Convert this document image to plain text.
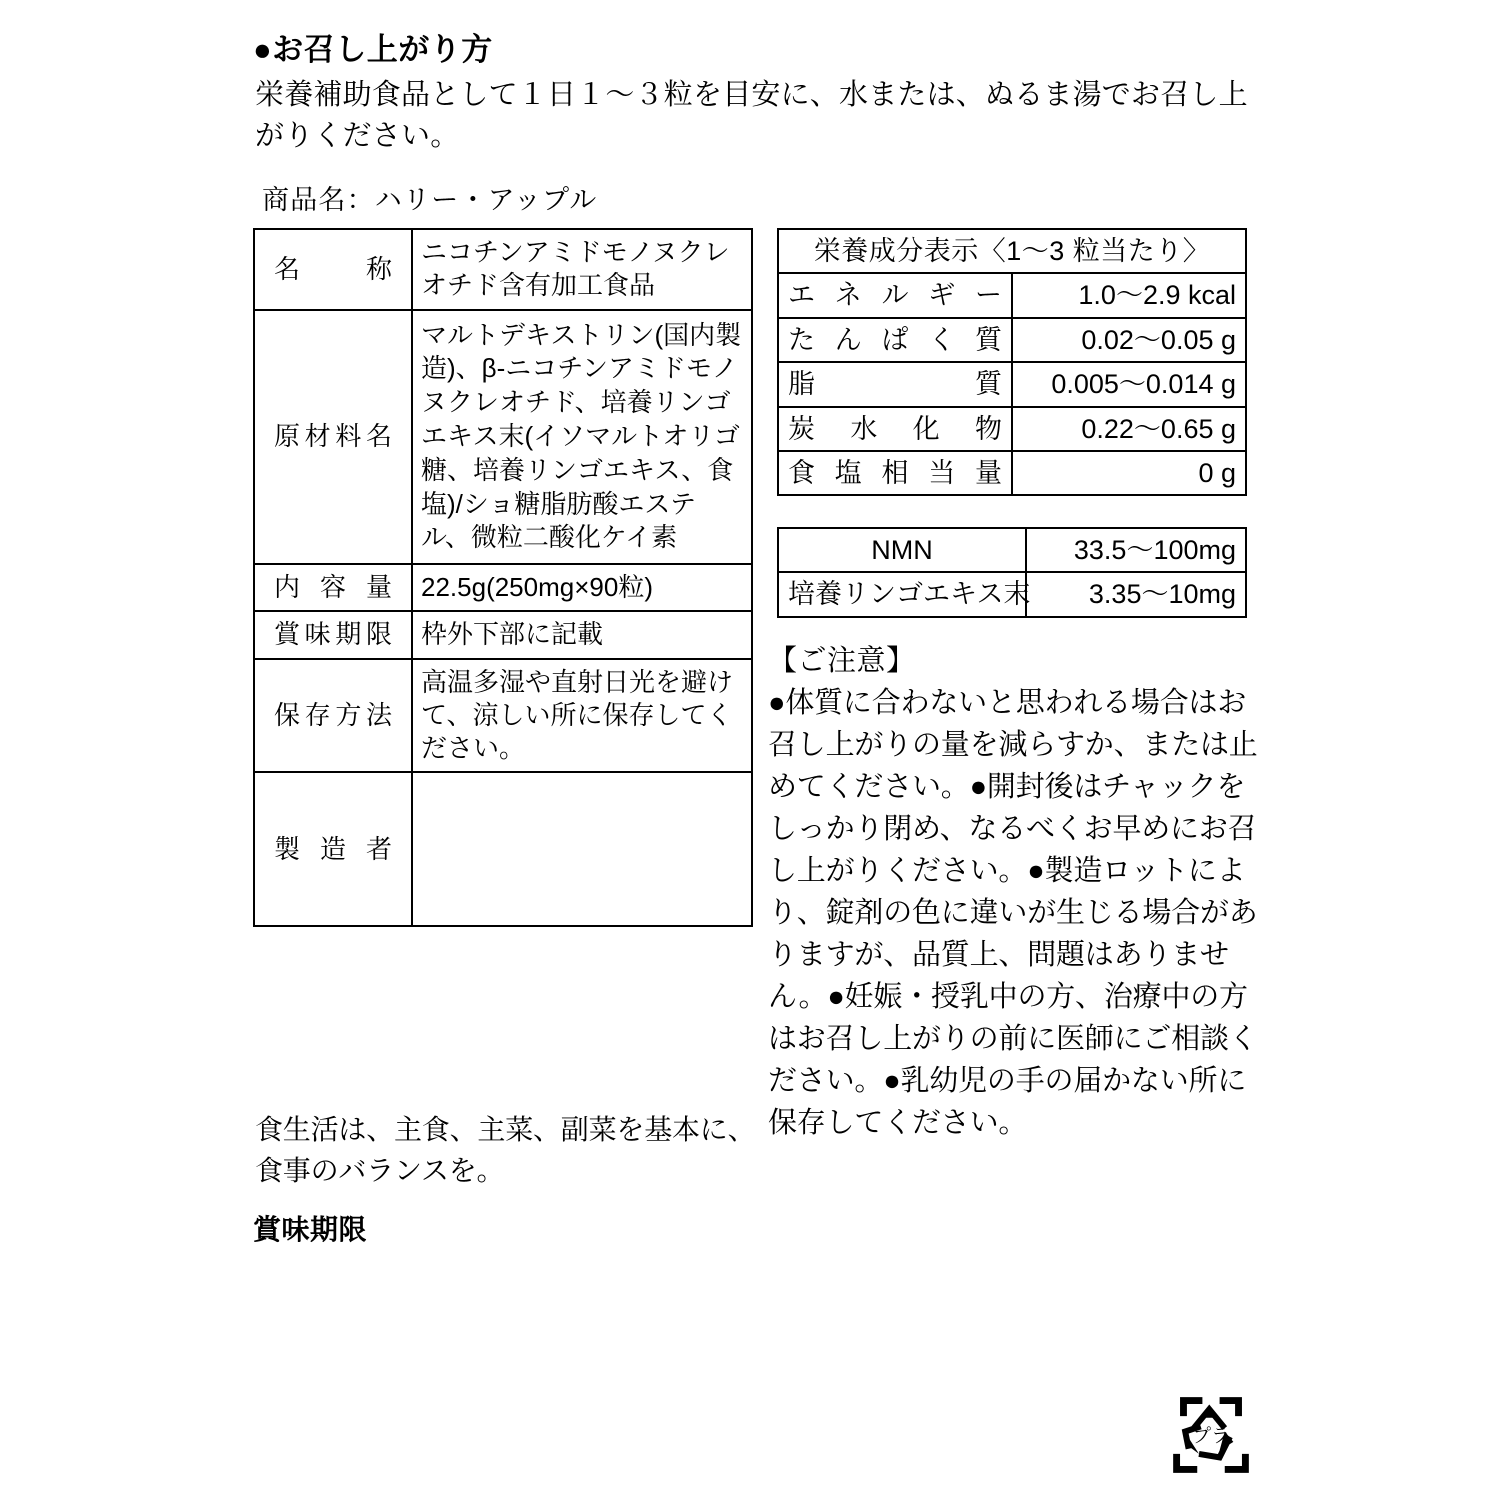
●お召し上がり方
栄養補助食品として１日１〜３粒を目安に、水または、ぬるま湯でお召し上がりください。
商品名：ハリー・アップル
名　称	ニコチンアミドモノヌクレオチド含有加工食品
原材料名	マルトデキストリン(国内製造)、β-ニコチンアミドモノヌクレオチド、培養リンゴエキス末(イソマルトオリゴ糖、培養リンゴエキス、食塩)/ショ糖脂肪酸エステル、微粒二酸化ケイ素
内 容 量	22.5g(250mg×90粒)
賞味期限	枠外下部に記載
保存方法	高温多湿や直射日光を避けて、涼しい所に保存してください。
製 造 者	
栄養成分表示〈1〜3 粒当たり〉	
エネルギー	1.0〜2.9 kcal
たんぱく質	0.02〜0.05 g
脂　　　質	0.005〜0.014 g
炭水化物	0.22〜0.65 g
食塩相当量	0 g
NMN	33.5〜100mg
培養リンゴエキス末	3.35〜10mg
【ご注意】
●体質に合わないと思われる場合はお召し上がりの量を減らすか、または止めてください。●開封後はチャックをしっかり閉め、なるべくお早めにお召し上がりください。●製造ロットにより、錠剤の色に違いが生じる場合がありますが、品質上、問題はありません。●妊娠・授乳中の方、治療中の方はお召し上がりの前に医師にご相談ください。●乳幼児の手の届かない所に保存してください。
食生活は、主食、主菜、副菜を基本に、食事のバランスを。
賞味期限
プラ
